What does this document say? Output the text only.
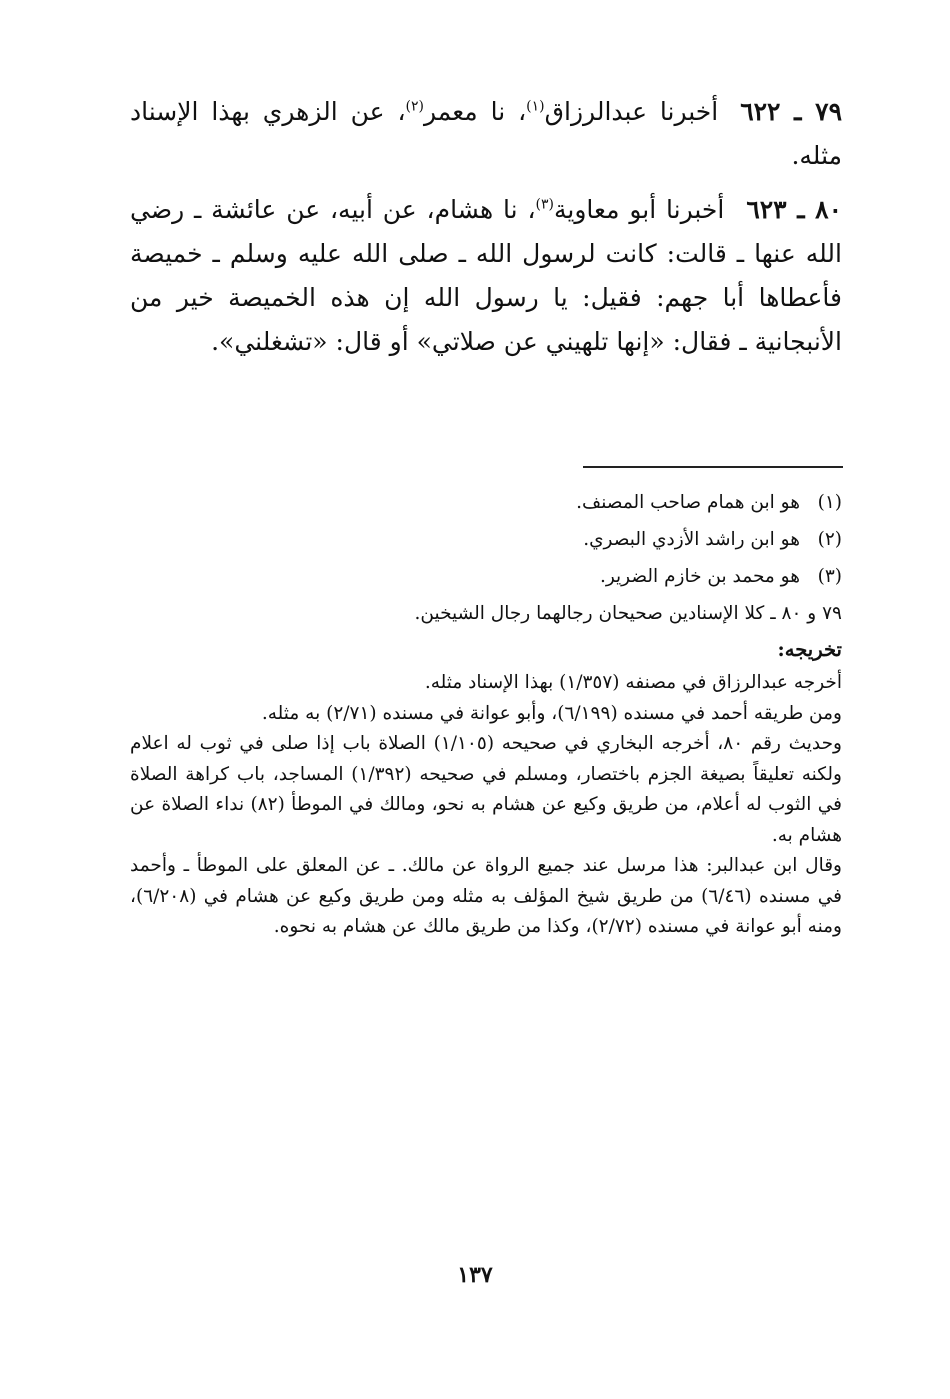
٧٩ ـ ٦٢٢أخبرنا عبدالرزاق$^{(١)}$، نا معمر$^{(٢)}$، عن الزهري بهذا الإسناد مثله.

٨٠ ـ ٦٢٣أخبرنا أبو معاوية$^{(٣)}$، نا هشام، عن أبيه، عن عائشة ـ رضي الله عنها ـ قالت: كانت لرسول الله ـ صلى الله عليه وسلم ـ خميصة فأعطاها أبا جهم: فقيل: يا رسول الله إن هذه الخميصة خير من الأنبجانية ـ فقال: «إنها تلهيني عن صلاتي» أو قال: «تشغلني».

(١)هو ابن همام صاحب المصنف.

(٢)هو ابن راشد الأزدي البصري.

(٣)هو محمد بن خازم الضرير.

٧٩ و ٨٠ ـ كلا الإسنادين صحيحان رجالهما رجال الشيخين.

تخريجه:

أخرجه عبدالرزاق في مصنفه (١/٣٥٧) بهذا الإسناد مثله.

ومن طريقه أحمد في مسنده (٦/١٩٩)، وأبو عوانة في مسنده (٢/٧١) به مثله.

وحديث رقم ٨٠، أخرجه البخاري في صحيحه (١/١٠٥) الصلاة باب إذا صلى في ثوب له اعلام ولكنه تعليقاً بصيغة الجزم باختصار، ومسلم في صحيحه (١/٣٩٢) المساجد، باب كراهة الصلاة في الثوب له أعلام، من طريق وكيع عن هشام به نحو، ومالك في الموطأ (٨٢) نداء الصلاة عن هشام به.

وقال ابن عبدالبر: هذا مرسل عند جميع الرواة عن مالك. ـ عن المعلق على الموطأ ـ وأحمد في مسنده (٦/٤٦) من طريق شيخ المؤلف به مثله ومن طريق وكيع عن هشام في (٦/٢٠٨)، ومنه أبو عوانة في مسنده (٢/٧٢)، وكذا من طريق مالك عن هشام به نحوه.

١٣٧
